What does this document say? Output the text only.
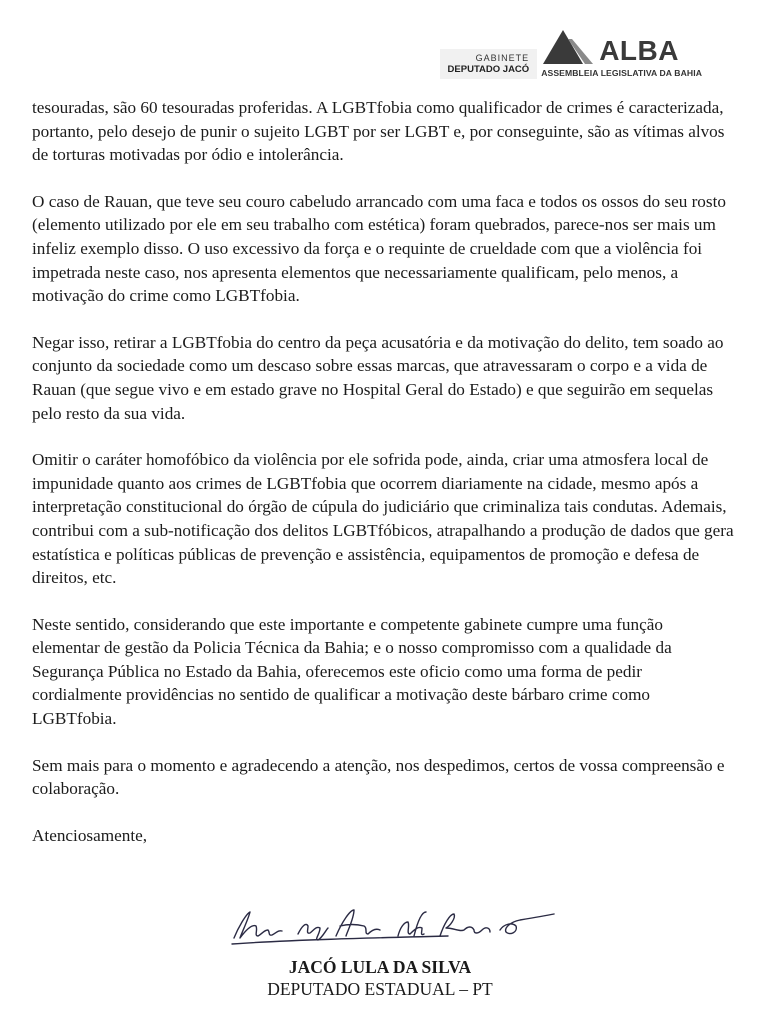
GABINETE
DEPUTADO JACÓ
ALBA
ASSEMBLEIA LEGISLATIVA DA BAHIA

tesouradas, são 60 tesouradas proferidas. A LGBTfobia como qualificador de crimes é caracterizada, portanto, pelo desejo de punir o sujeito LGBT por ser LGBT e, por conseguinte, são as vítimas alvos de torturas motivadas por ódio e intolerância.

O caso de Rauan, que teve seu couro cabeludo arrancado com uma faca e todos os ossos do seu rosto (elemento utilizado por ele em seu trabalho com estética) foram quebrados, parece-nos ser mais um infeliz exemplo disso. O uso excessivo da força e o requinte de crueldade com que a violência foi impetrada neste caso, nos apresenta elementos que necessariamente qualificam, pelo menos, a motivação do crime como LGBTfobia.

Negar isso, retirar a LGBTfobia do centro da peça acusatória e da motivação do delito, tem soado ao conjunto da sociedade como um descaso sobre essas marcas, que atravessaram o corpo e a vida de Rauan (que segue vivo e em estado grave no Hospital Geral do Estado) e que seguirão em sequelas pelo resto da sua vida.

Omitir o caráter homofóbico da violência por ele sofrida pode, ainda, criar uma atmosfera local de impunidade quanto aos crimes de LGBTfobia que ocorrem diariamente na cidade, mesmo após a interpretação constitucional do órgão de cúpula do judiciário que criminaliza tais condutas. Ademais, contribui com a sub-notificação dos delitos LGBTfóbicos, atrapalhando a produção de dados que gera estatística e políticas públicas de prevenção e assistência, equipamentos de promoção e defesa de direitos, etc.

Neste sentido, considerando que este importante e competente gabinete cumpre uma função elementar de gestão da Policia Técnica da Bahia; e o nosso compromisso com a qualidade da Segurança Pública no Estado da Bahia, oferecemos este oficio como uma forma de pedir cordialmente providências no sentido de qualificar a motivação deste bárbaro crime como LGBTfobia.

Sem mais para o momento e agradecendo a atenção, nos despedimos, certos de vossa compreensão e colaboração.

Atenciosamente,

JACÓ LULA DA SILVA
DEPUTADO ESTADUAL – PT
